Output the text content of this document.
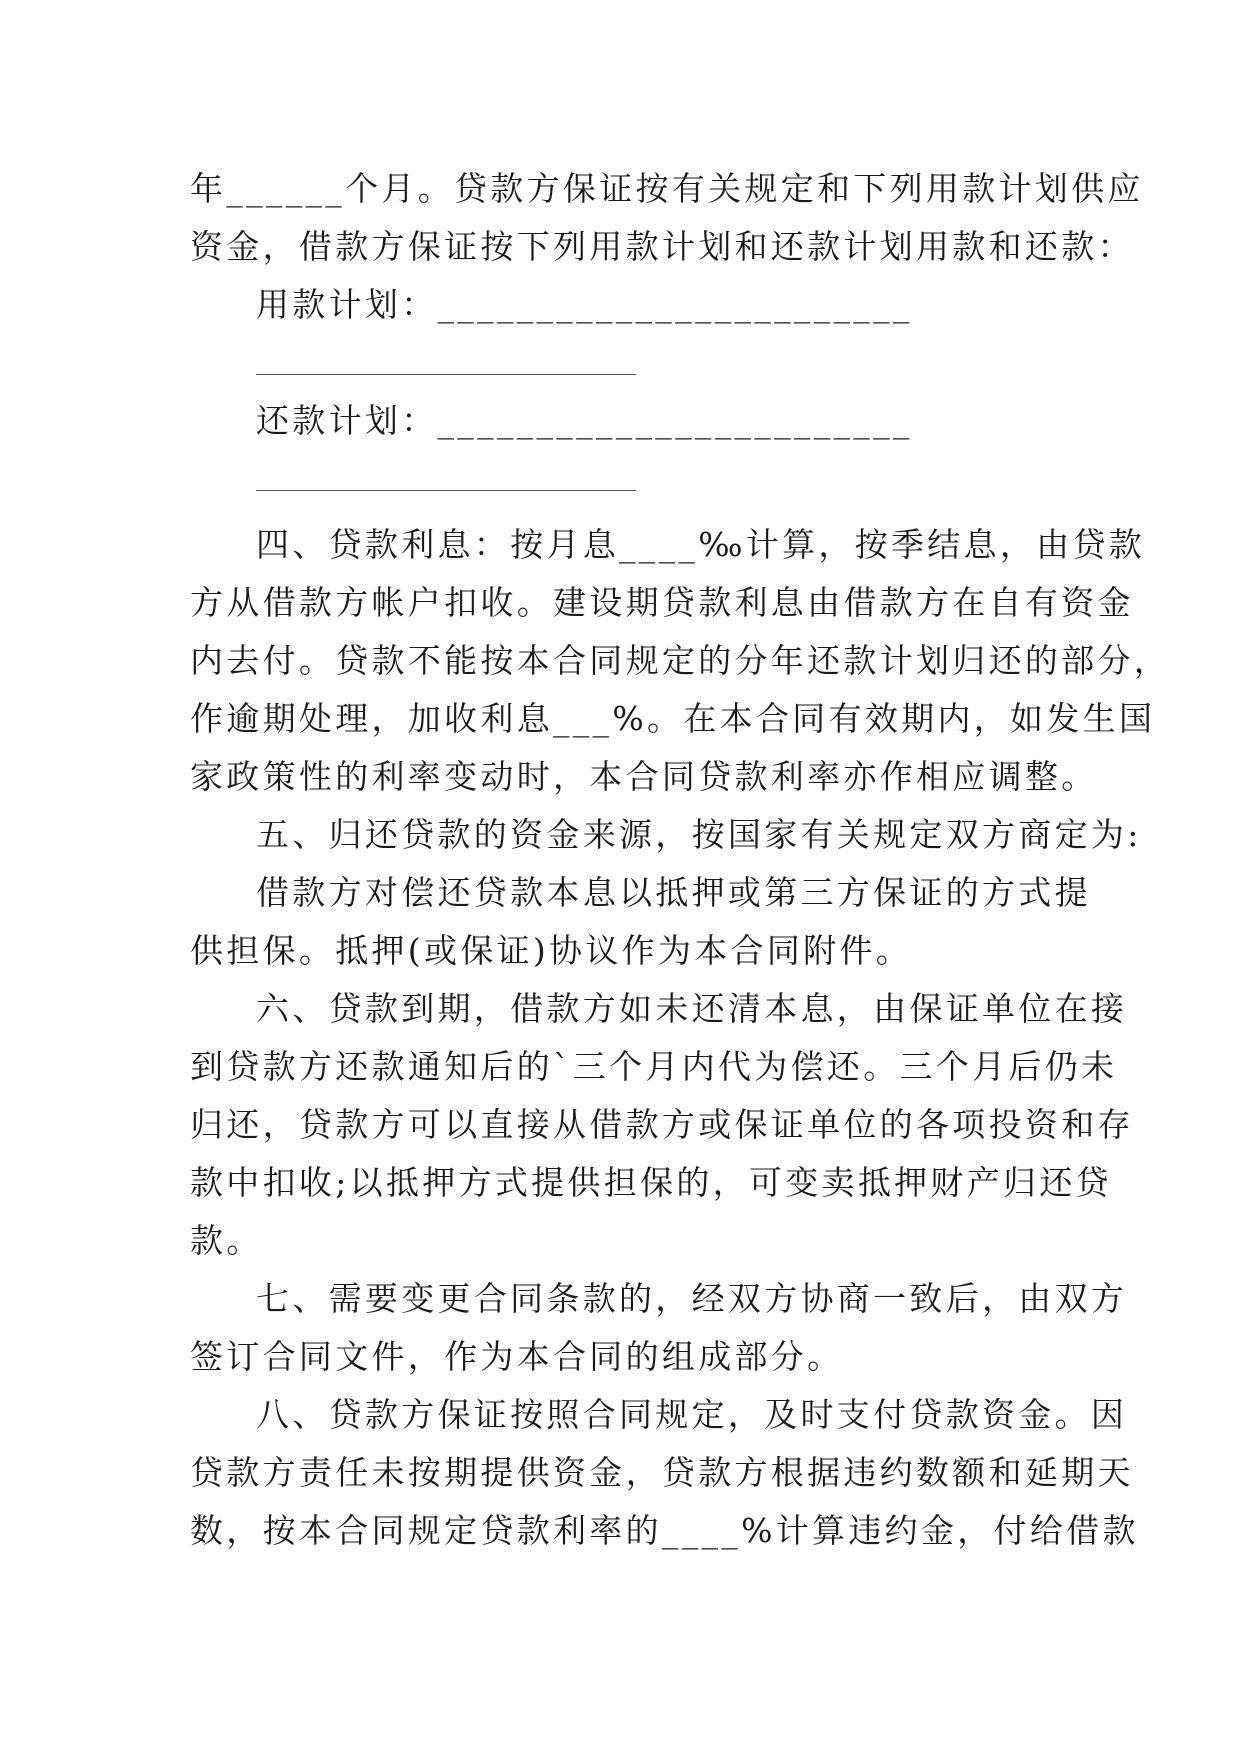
年______个月。贷款方保证按有关规定和下列用款计划供应
资金，借款方保证按下列用款计划和还款计划用款和还款：
用款计划：________________________
还款计划：________________________
四、贷款利息：按月息____‰计算，按季结息，由贷款
方从借款方帐户扣收。建设期贷款利息由借款方在自有资金
内去付。贷款不能按本合同规定的分年还款计划归还的部分，
作逾期处理，加收利息___%。在本合同有效期内，如发生国
家政策性的利率变动时，本合同贷款利率亦作相应调整。
五、归还贷款的资金来源，按国家有关规定双方商定为:
借款方对偿还贷款本息以抵押或第三方保证的方式提
供担保。抵押(或保证)协议作为本合同附件。
六、贷款到期，借款方如未还清本息，由保证单位在接
到贷款方还款通知后的`三个月内代为偿还。三个月后仍未
归还，贷款方可以直接从借款方或保证单位的各项投资和存
款中扣收;以抵押方式提供担保的，可变卖抵押财产归还贷
款。
七、需要变更合同条款的，经双方协商一致后，由双方
签订合同文件，作为本合同的组成部分。
八、贷款方保证按照合同规定，及时支付贷款资金。因
贷款方责任未按期提供资金，贷款方根据违约数额和延期天
数，按本合同规定贷款利率的____%计算违约金，付给借款
